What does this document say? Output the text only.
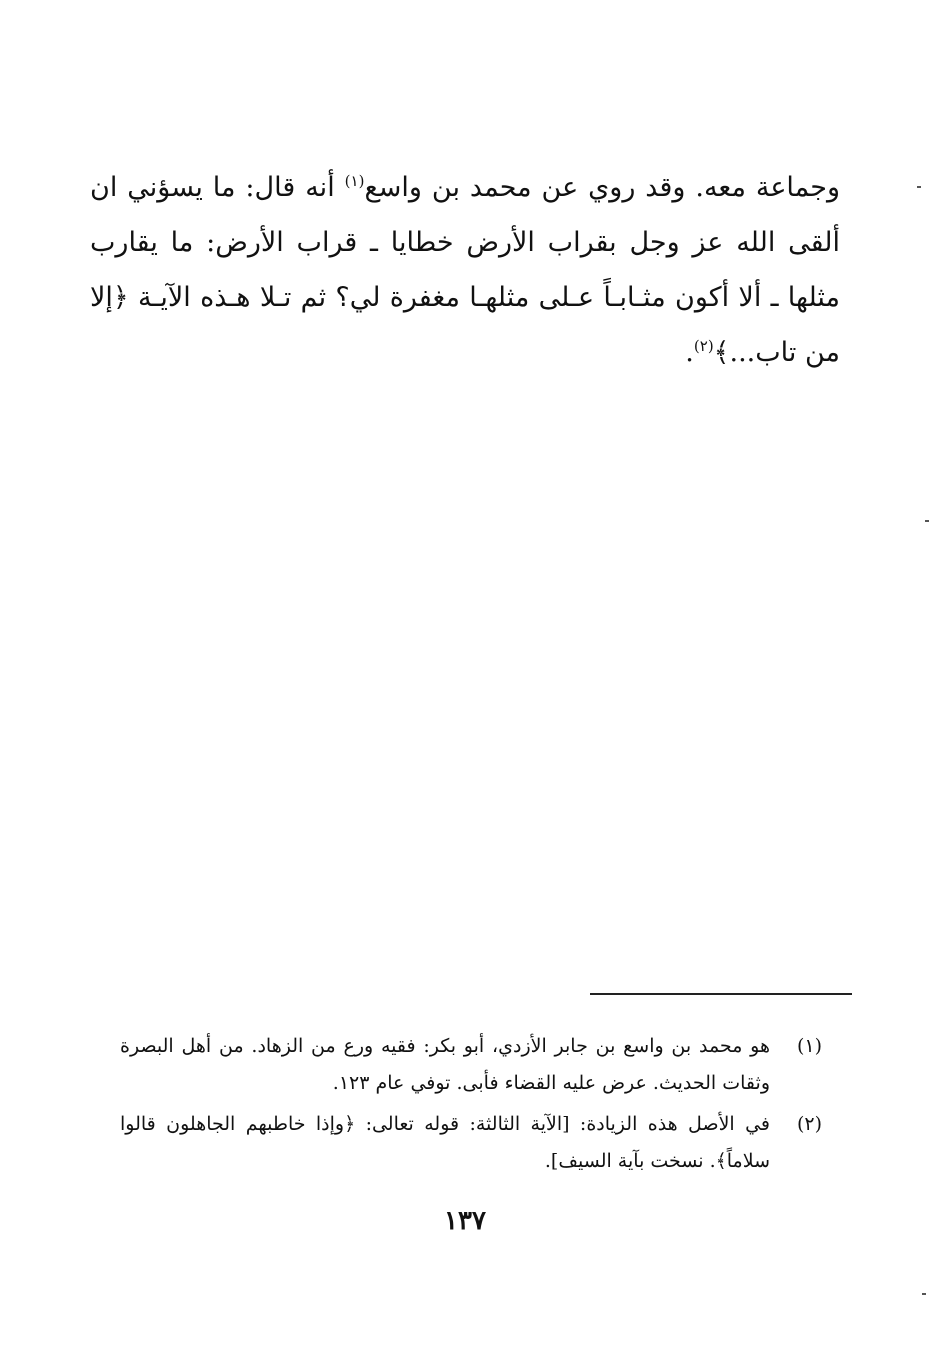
وجماعة معه. وقد روي عن محمد بن واسع$^{(١)}$ أنه قال: ما يسؤني ان ألقى الله عز وجل بقراب الأرض خطايا ـ قراب الأرض: ما يقارب مثلها ـ ألا أكون مثـابـاً عـلى مثلهـا مغفرة لي؟ ثم تـلا هـذه الآيـة ﴿إلا من تاب...﴾$^{(٢)}$.

(١)
هو محمد بن واسع بن جابر الأزدي، أبو بكر: فقيه ورع من الزهاد. من أهل البصرة وثقات الحديث. عرض عليه القضاء فأبى. توفي عام ١٢٣.
(٢)
في الأصل هذه الزيادة: [الآية الثالثة: قوله تعالى: ﴿وإذا خاطبهم الجاهلون قالوا سلاماً﴾. نسخت بآية السيف].
١٣٧
